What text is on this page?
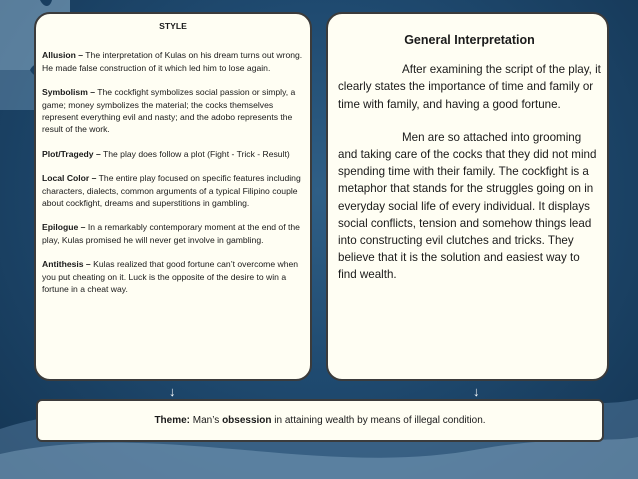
STYLE
Allusion – The interpretation of Kulas on his dream turns out wrong. He made false construction of it which led him to lose again.
Symbolism – The cockfight symbolizes social passion or simply, a game; money symbolizes the material; the cocks themselves represent everything evil and nasty; and the adobo represents the result of the work.
Plot/Tragedy – The play does follow a plot (Fight - Trick - Result)
Local Color – The entire play focused on specific features including characters, dialects, common arguments of a typical Filipino couple about cockfight, dreams and superstitions in gambling.
Epilogue – In a remarkably contemporary moment at the end of the play, Kulas promised he will never get involve in gambling.
Antithesis – Kulas realized that good fortune can’t overcome when you put cheating on it. Luck is the opposite of the desire to win a fortune in a cheat way.
General Interpretation

After examining the script of the play, it clearly states the importance of time and family or time with family, and having a good fortune.

Men are so attached into grooming and taking care of the cocks that they did not mind spending time with their family. The cockfight is a metaphor that stands for the struggles going on in everyday social life of every individual. It displays social conflicts, tension and somehow things lead into constructing evil clutches and tricks. They believe that it is the solution and easiest way to find wealth.

↓	↓
Theme: Man’s obsession in attaining wealth by means of illegal condition.
